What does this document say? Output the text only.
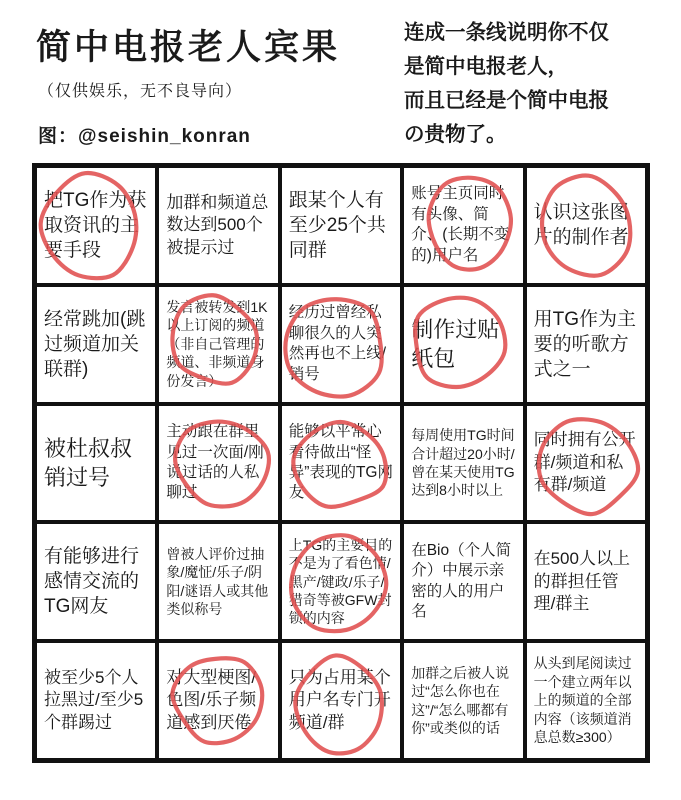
简中电报老人宾果
（仅供娱乐，无不良导向）
图：@seishin_konran
连成一条线说明你不仅
是简中电报老人，
而且已经是个简中电报
の贵物了。
把TG作为获取资讯的主要手段
加群和频道总数达到500个被提示过
跟某个人有至少25个共同群
账号主页同时有头像、简介、(长期不变的)用户名
认识这张图片的制作者
经常跳加(跳过频道加关联群)
发言被转发到1K以上订阅的频道（非自己管理的频道、非频道身份发言）
经历过曾经私聊很久的人突然再也不上线/销号
制作过贴纸包
用TG作为主要的听歌方式之一
被杜叔叔销过号
主动跟在群里见过一次面/刚说过话的人私聊过
能够以平常心看待做出“怪异”表现的TG网友
每周使用TG时间合计超过20小时/曾在某天使用TG达到8小时以上
同时拥有公开群/频道和私有群/频道
有能够进行感情交流的TG网友
曾被人评价过抽象/魔怔/乐子/阴阳/谜语人或其他类似称号
上TG的主要目的不是为了看色情/黑产/键政/乐子/猎奇等被GFW封锁的内容
在Bio（个人简介）中展示亲密的人的用户名
在500人以上的群担任管理/群主
被至少5个人拉黑过/至少5个群踢过
对大型梗图/色图/乐子频道感到厌倦
只为占用某个用户名专门开频道/群
加群之后被人说过“怎么你也在这”/“怎么哪都有你”或类似的话
从头到尾阅读过一个建立两年以上的频道的全部内容（该频道消息总数≥300）
